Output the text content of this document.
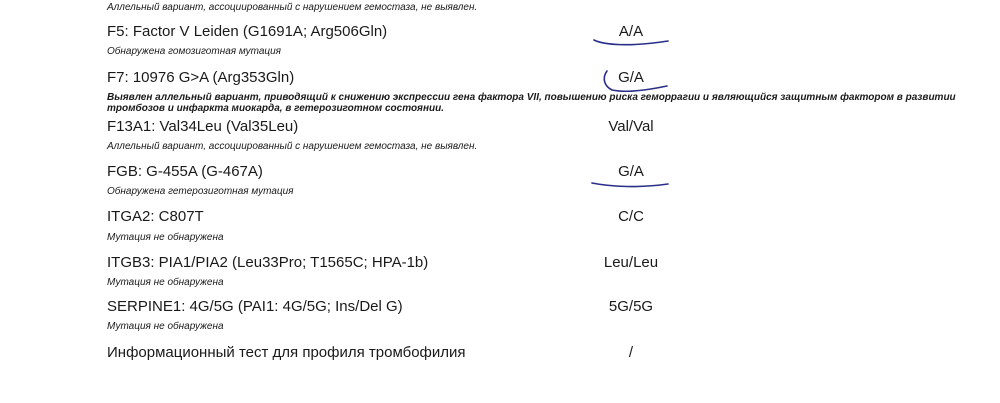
Аллельный вариант, ассоциированный с нарушением гемостаза, не выявлен.
F5: Factor V Leiden (G1691A; Arg506Gln)	A/A
Обнаружена гомозиготная мутация
F7: 10976 G>A (Arg353Gln)	G/A
Выявлен аллельный вариант, приводящий к снижению экспрессии гена фактора VII, повышению риска геморрагии и являющийся защитным фактором в развитии тромбозов и инфаркта миокарда, в гетерозиготном состоянии.
F13A1: Val34Leu (Val35Leu)	Val/Val
Аллельный вариант, ассоциированный с нарушением гемостаза, не выявлен.
FGB: G-455A (G-467A)	G/A
Обнаружена гетерозиготная мутация
ITGA2: C807T	C/C
Мутация не обнаружена
ITGB3: PIA1/PIA2 (Leu33Pro; T1565C; HPA-1b)	Leu/Leu
Мутация не обнаружена
SERPINE1: 4G/5G (PAI1: 4G/5G; Ins/Del G)	5G/5G
Мутация не обнаружена
Информационный тест для профиля тромбофилия	/
